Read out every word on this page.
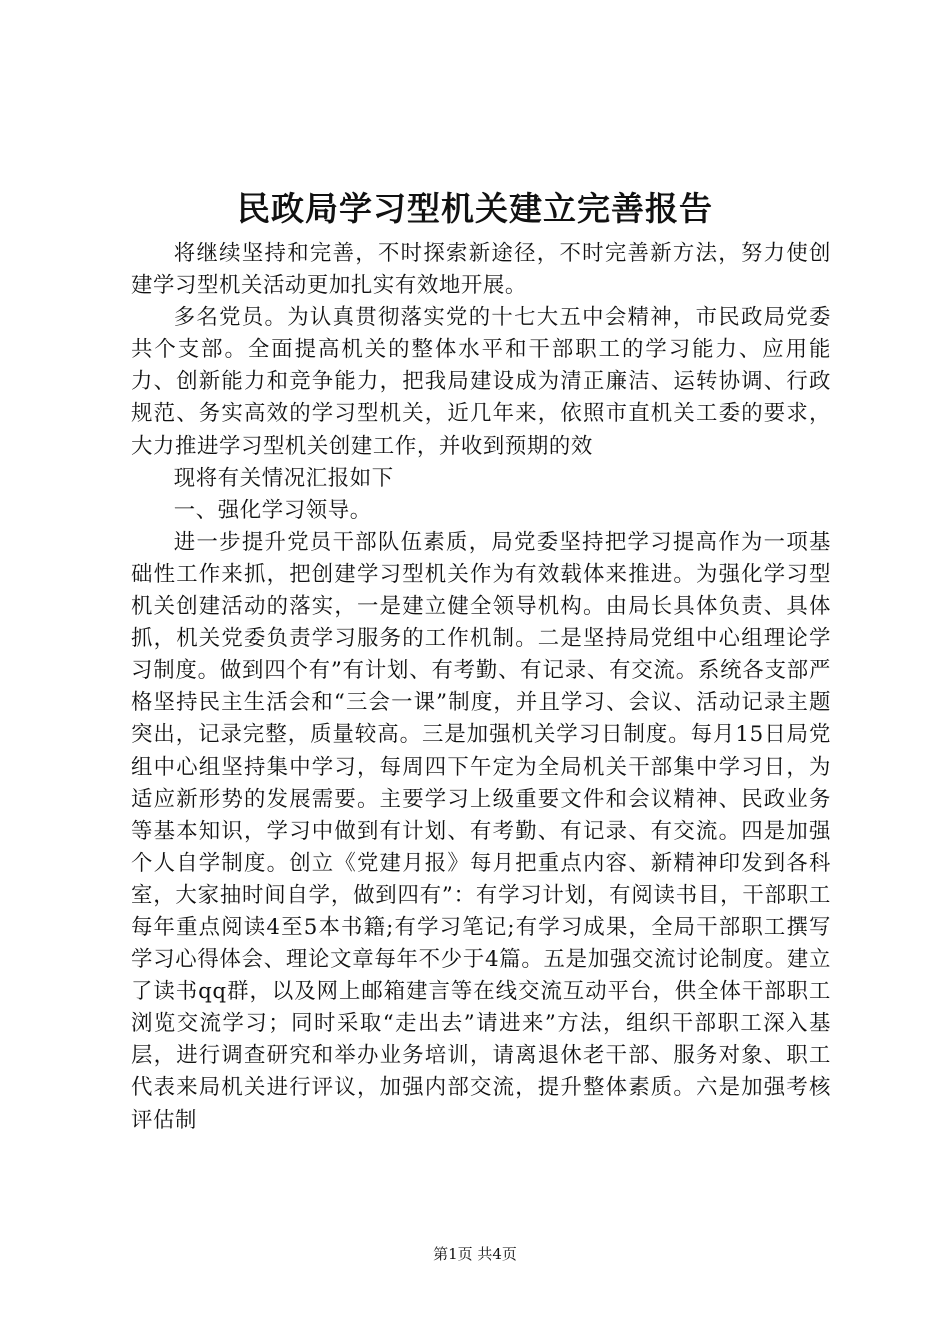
民政局学习型机关建立完善报告

将继续坚持和完善，不时探索新途径，不时完善新方法，努力使创建学习型机关活动更加扎实有效地开展。

多名党员。为认真贯彻落实党的十七大五中会精神，市民政局党委共个支部。全面提高机关的整体水平和干部职工的学习能力、应用能力、创新能力和竞争能力，把我局建设成为清正廉洁、运转协调、行政规范、务实高效的学习型机关，近几年来，依照市直机关工委的要求，大力推进学习型机关创建工作，并收到预期的效

现将有关情况汇报如下

一、强化学习领导。

进一步提升党员干部队伍素质，局党委坚持把学习提高作为一项基础性工作来抓，把创建学习型机关作为有效载体来推进。为强化学习型机关创建活动的落实，一是建立健全领导机构。由局长具体负责、具体抓，机关党委负责学习服务的工作机制。二是坚持局党组中心组理论学习制度。做到四个有”有计划、有考勤、有记录、有交流。系统各支部严格坚持民主生活会和“三会一课”制度，并且学习、会议、活动记录主题突出，记录完整，质量较高。三是加强机关学习日制度。每月15日局党组中心组坚持集中学习，每周四下午定为全局机关干部集中学习日，为适应新形势的发展需要。主要学习上级重要文件和会议精神、民政业务等基本知识，学习中做到有计划、有考勤、有记录、有交流。四是加强个人自学制度。创立《党建月报》每月把重点内容、新精神印发到各科室，大家抽时间自学，做到四有”：有学习计划，有阅读书目，干部职工每年重点阅读4至5本书籍;有学习笔记;有学习成果，全局干部职工撰写学习心得体会、理论文章每年不少于4篇。五是加强交流讨论制度。建立了读书qq群，以及网上邮箱建言等在线交流互动平台，供全体干部职工浏览交流学习；同时采取“走出去”请进来”方法，组织干部职工深入基层，进行调查研究和举办业务培训，请离退休老干部、服务对象、职工代表来局机关进行评议，加强内部交流，提升整体素质。六是加强考核评估制

第1页 共4页
